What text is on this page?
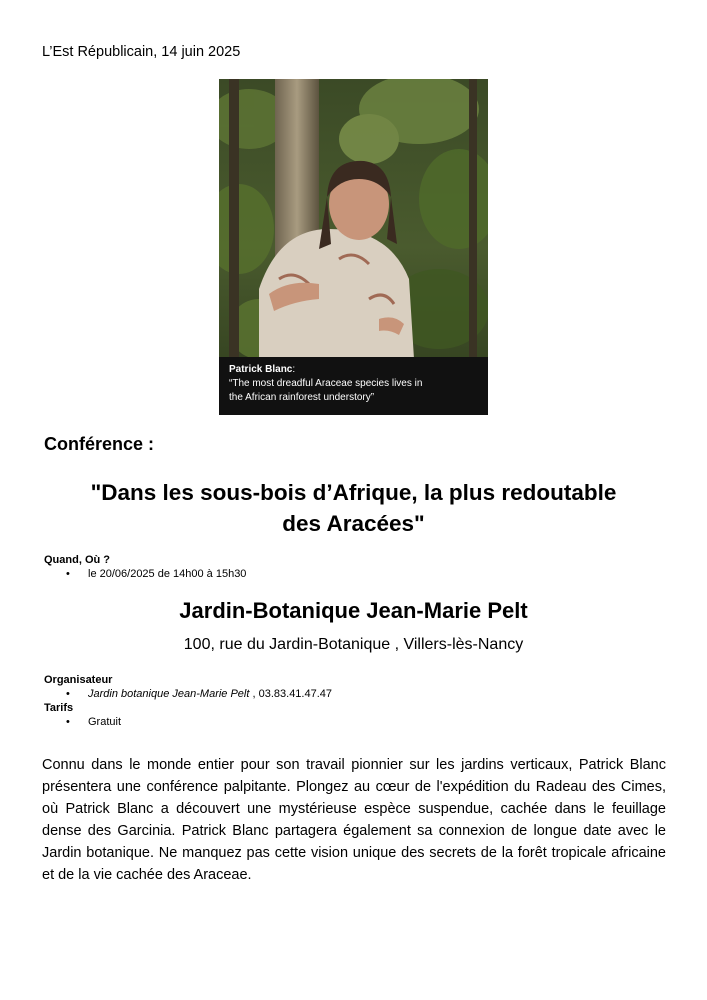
L’Est Républicain, 14 juin 2025
Patrick Blanc:
“The most dreadful Araceae species lives in
the African rainforest understory”
Conférence :
"Dans les sous-bois d’Afrique, la plus redoutable
des Aracées"
Quand, Où ?
• le 20/06/2025 de 14h00 à 15h30
Jardin-Botanique Jean-Marie Pelt
100, rue du Jardin-Botanique , Villers-lès-Nancy
Organisateur
• Jardin botanique Jean-Marie Pelt , 03.83.41.47.47
Tarifs
• Gratuit
Connu dans le monde entier pour son travail pionnier sur les jardins verticaux, Patrick Blanc présentera une conférence palpitante. Plongez au cœur de l'expédition du Radeau des Cimes, où Patrick Blanc a découvert une mystérieuse espèce suspendue, cachée dans le feuillage dense des Garcinia. Patrick Blanc partagera également sa connexion de longue date avec le Jardin botanique. Ne manquez pas cette vision unique des secrets de la forêt tropicale africaine et de la vie cachée des Araceae.
